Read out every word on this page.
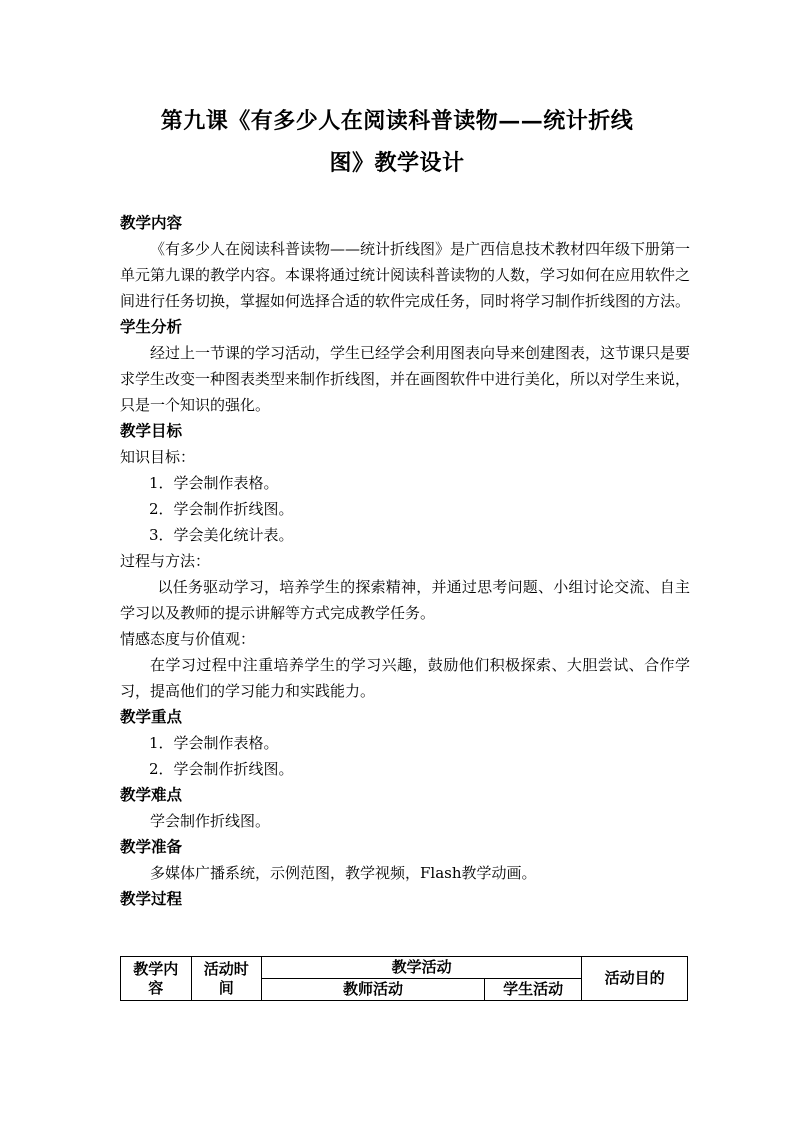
第九课《有多少人在阅读科普读物——统计折线
图》教学设计

教学内容

《有多少人在阅读科普读物——统计折线图》是广西信息技术教材四年级下册第一单元第九课的教学内容。本课将通过统计阅读科普读物的人数，学习如何在应用软件之间进行任务切换，掌握如何选择合适的软件完成任务，同时将学习制作折线图的方法。

学生分析

经过上一节课的学习活动，学生已经学会利用图表向导来创建图表，这节课只是要求学生改变一种图表类型来制作折线图，并在画图软件中进行美化，所以对学生来说，只是一个知识的强化。

教学目标

知识目标：

1．学会制作表格。

2．学会制作折线图。

3．学会美化统计表。

过程与方法：

以任务驱动学习，培养学生的探索精神，并通过思考问题、小组讨论交流、自主学习以及教师的提示讲解等方式完成教学任务。

情感态度与价值观：

在学习过程中注重培养学生的学习兴趣，鼓励他们积极探索、大胆尝试、合作学习，提高他们的学习能力和实践能力。

教学重点

1．学会制作表格。

2．学会制作折线图。

教学难点

学会制作折线图。

教学准备

多媒体广播系统，示例范图，教学视频，Flash教学动画。

教学过程

教学内容	活动时间	教学活动		活动目的
		教师活动	学生活动	
